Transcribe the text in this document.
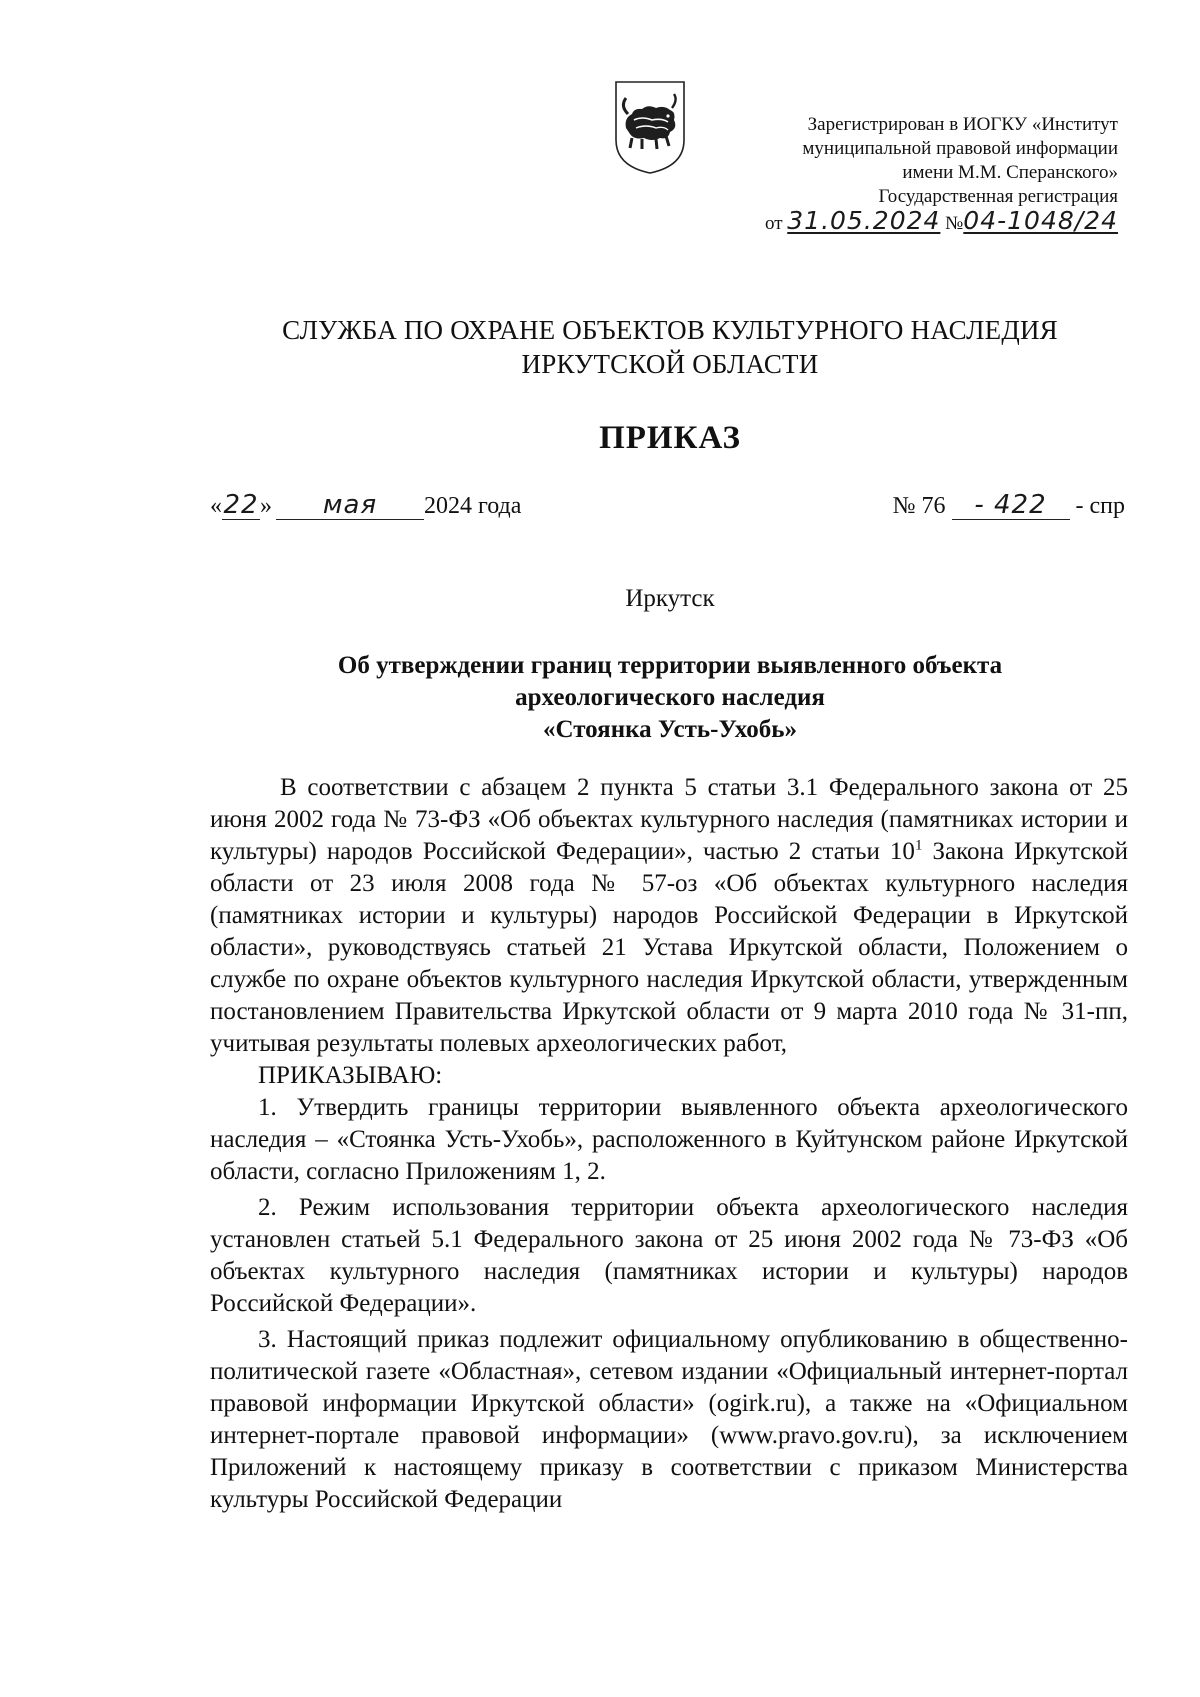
Зарегистрирован в ИОГКУ «Институт
муниципальной правовой информации
имени М.М. Сперанского»
Государственная регистрация
от 31.05.2024 №04-1048/24
СЛУЖБА ПО ОХРАНЕ ОБЪЕКТОВ КУЛЬТУРНОГО НАСЛЕДИЯ
ИРКУТСКОЙ ОБЛАСТИ
ПРИКАЗ
«22» мая 2024 года	№ 76 - 422 - спр
Иркутск
Об утверждении границ территории выявленного объекта
археологического наследия
«Стоянка Усть-Ухобь»

В соответствии с абзацем 2 пункта 5 статьи 3.1 Федерального закона от 25 июня 2002 года № 73-ФЗ «Об объектах культурного наследия (памятниках истории и культуры) народов Российской Федерации», частью 2 статьи $10^1$ Закона Иркутской области от 23 июля 2008 года № 57-оз «Об объектах культурного наследия (памятниках истории и культуры) народов Российской Федерации в Иркутской области», руководствуясь статьей 21 Устава Иркутской области, Положением о службе по охране объектов культурного наследия Иркутской области, утвержденным постановлением Правительства Иркутской области от 9 марта 2010 года № 31-пп, учитывая результаты полевых археологических работ,

ПРИКАЗЫВАЮ:

1. Утвердить границы территории выявленного объекта археологического наследия – «Стоянка Усть-Ухобь», расположенного в Куйтунском районе Иркутской области, согласно Приложениям 1, 2.

2. Режим использования территории объекта археологического наследия установлен статьей 5.1 Федерального закона от 25 июня 2002 года № 73-ФЗ «Об объектах культурного наследия (памятниках истории и культуры) народов Российской Федерации».

3. Настоящий приказ подлежит официальному опубликованию в общественно-политической газете «Областная», сетевом издании «Официальный интернет-портал правовой информации Иркутской области» (ogirk.ru), а также на «Официальном интернет-портале правовой информации» (www.pravo.gov.ru), за исключением Приложений к настоящему приказу в соответствии с приказом Министерства культуры Российской Федерации
